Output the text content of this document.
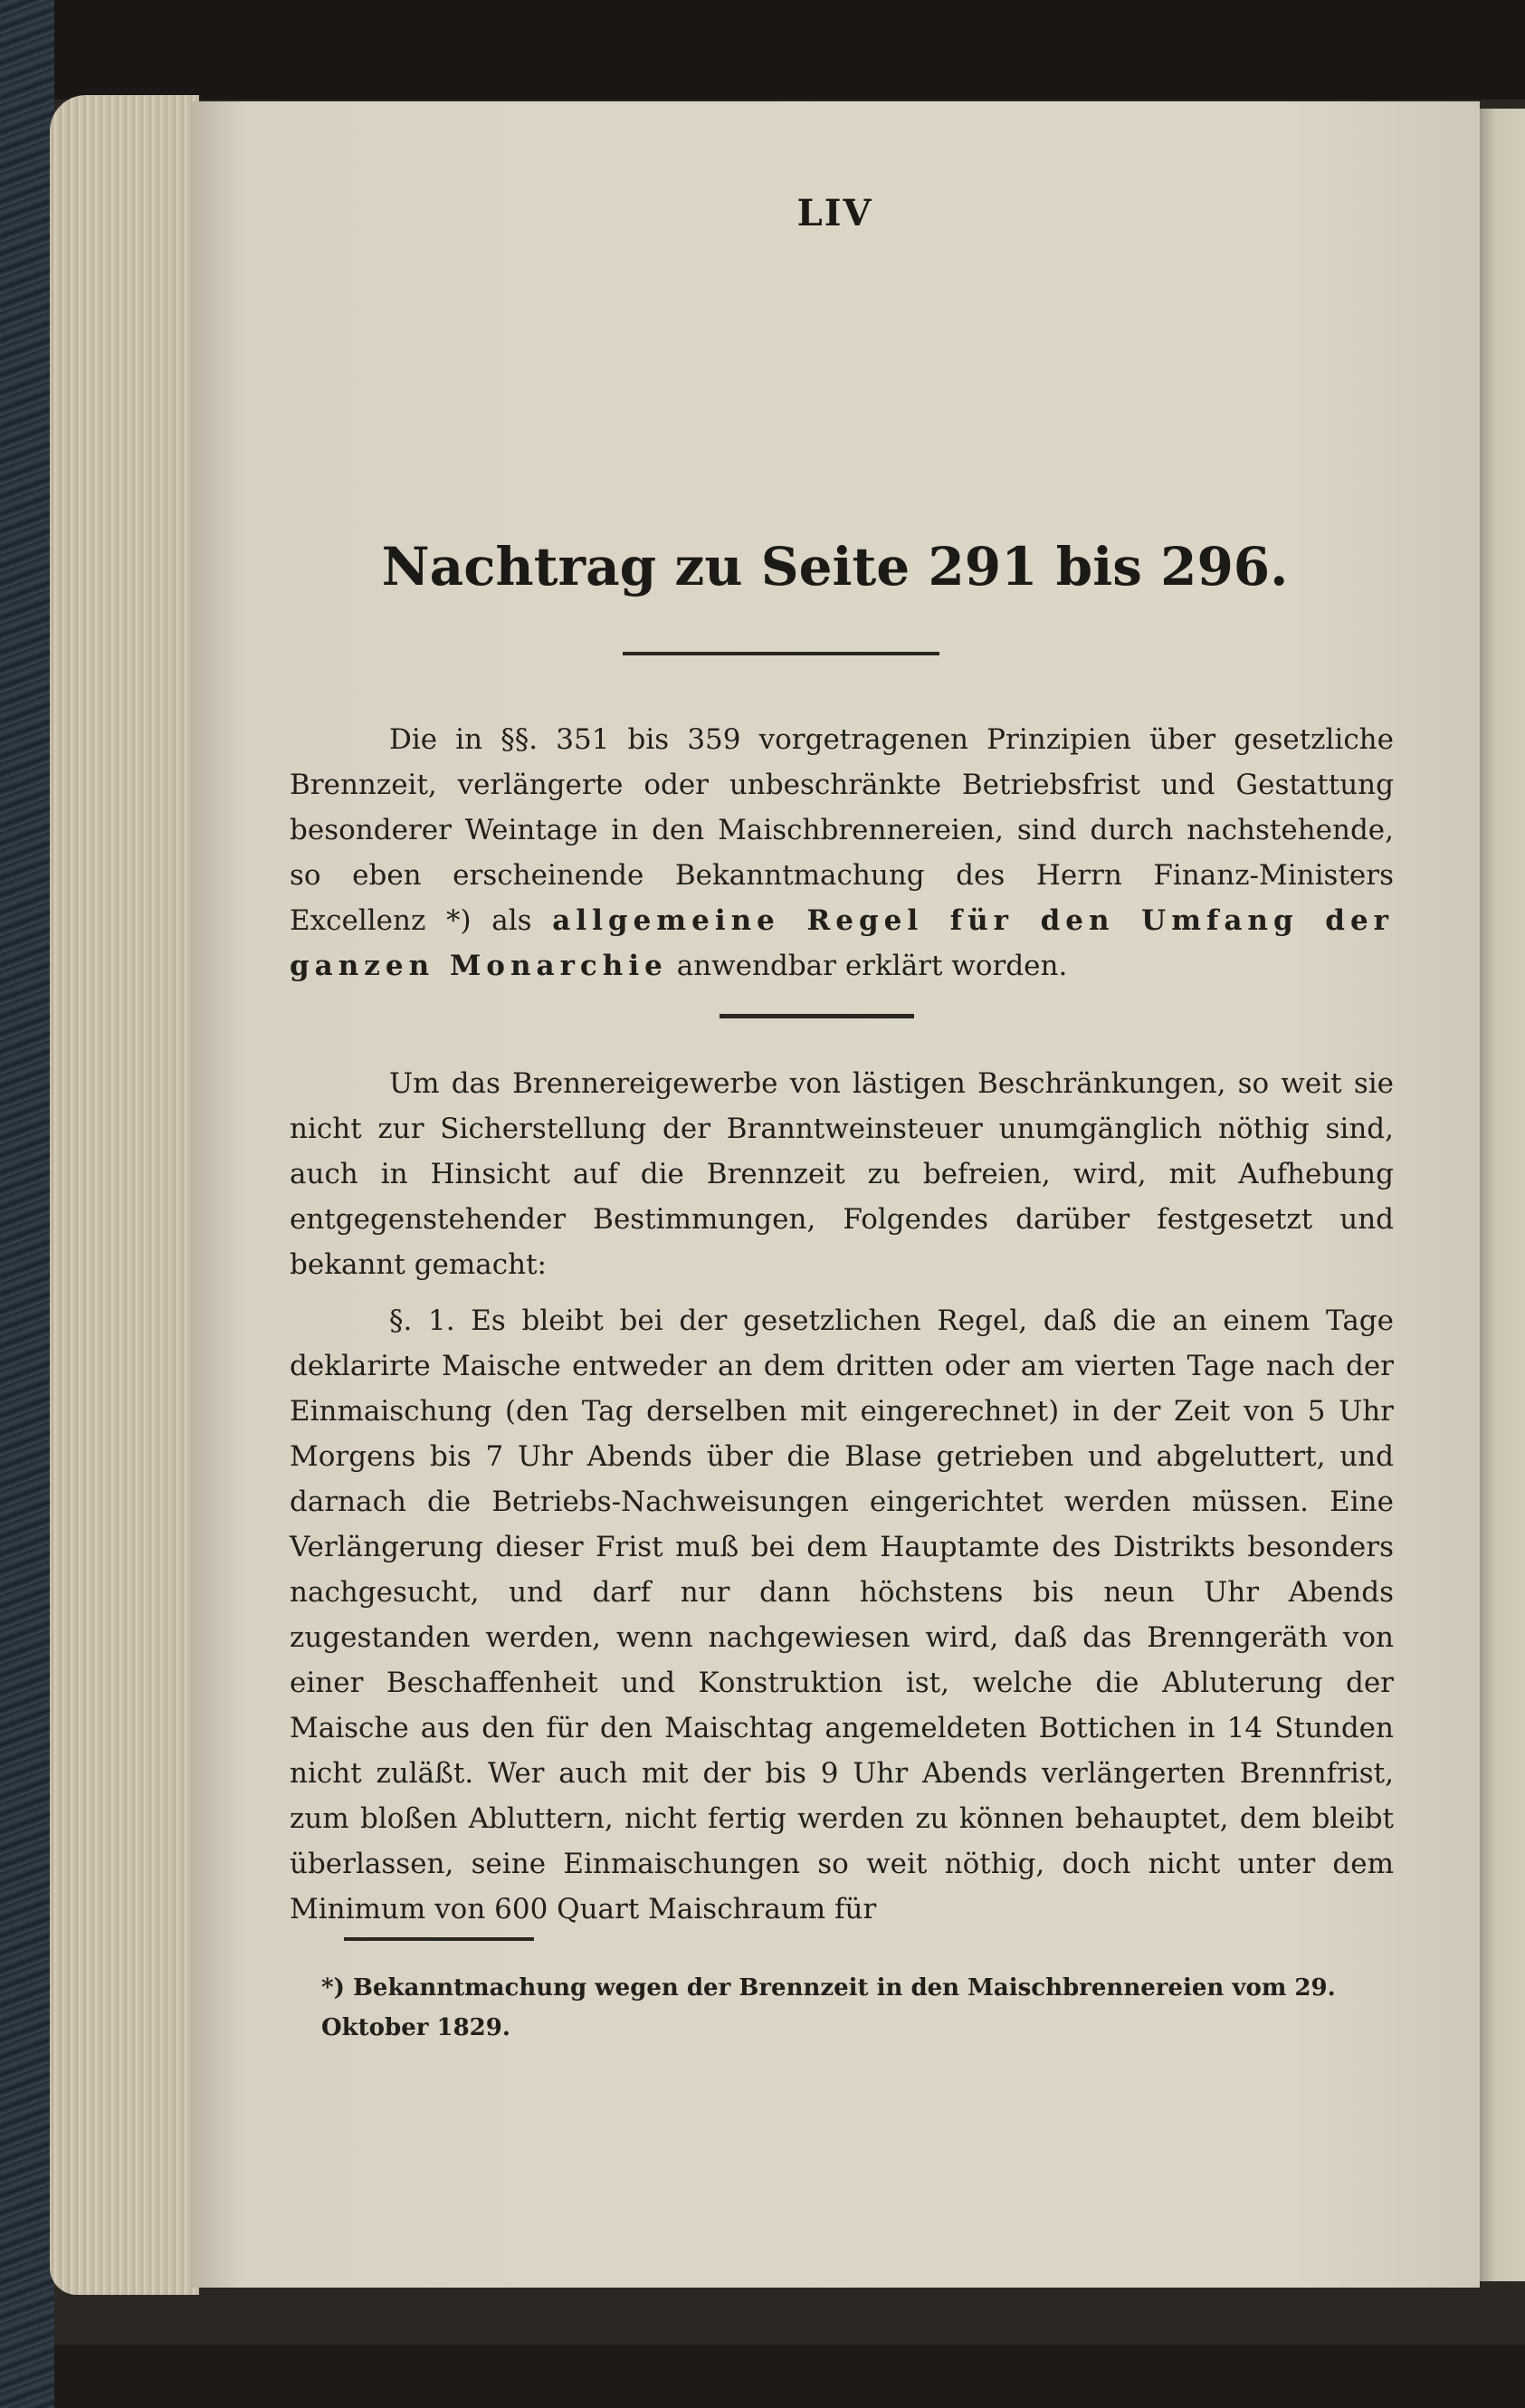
LIV
Nachtrag zu Seite 291 bis 296.
Die in §§. 351 bis 359 vorgetragenen Prinzipien über gesetzliche Brennzeit, verlängerte oder unbeschränkte Betriebsfrist und Gestattung besonderer Weintage in den Maischbrennereien, sind durch nachstehende, so eben erscheinende Bekanntmachung des Herrn Finanz-Ministers Excellenz *) als allgemeine Regel für den Umfang der ganzen Monarchie anwendbar erklärt worden.
Um das Brennereigewerbe von lästigen Beschränkungen, so weit sie nicht zur Sicherstellung der Branntweinsteuer unumgänglich nöthig sind, auch in Hinsicht auf die Brennzeit zu befreien, wird, mit Aufhebung entgegenstehender Bestimmungen, Folgendes darüber festgesetzt und bekannt gemacht:
§. 1. Es bleibt bei der gesetzlichen Regel, daß die an einem Tage deklarirte Maische entweder an dem dritten oder am vierten Tage nach der Einmaischung (den Tag derselben mit eingerechnet) in der Zeit von 5 Uhr Morgens bis 7 Uhr Abends über die Blase getrieben und abgeluttert, und darnach die Betriebs-Nachweisungen eingerichtet werden müssen. Eine Verlängerung dieser Frist muß bei dem Hauptamte des Distrikts besonders nachgesucht, und darf nur dann höchstens bis neun Uhr Abends zugestanden werden, wenn nachgewiesen wird, daß das Brenngeräth von einer Beschaffenheit und Konstruktion ist, welche die Abluterung der Maische aus den für den Maischtag angemeldeten Bottichen in 14 Stunden nicht zuläßt. Wer auch mit der bis 9 Uhr Abends verlängerten Brennfrist, zum bloßen Abluttern, nicht fertig werden zu können behauptet, dem bleibt überlassen, seine Einmaischungen so weit nöthig, doch nicht unter dem Minimum von 600 Quart Maischraum für
*) Bekanntmachung wegen der Brennzeit in den Maischbrennereien vom 29. Oktober 1829.
